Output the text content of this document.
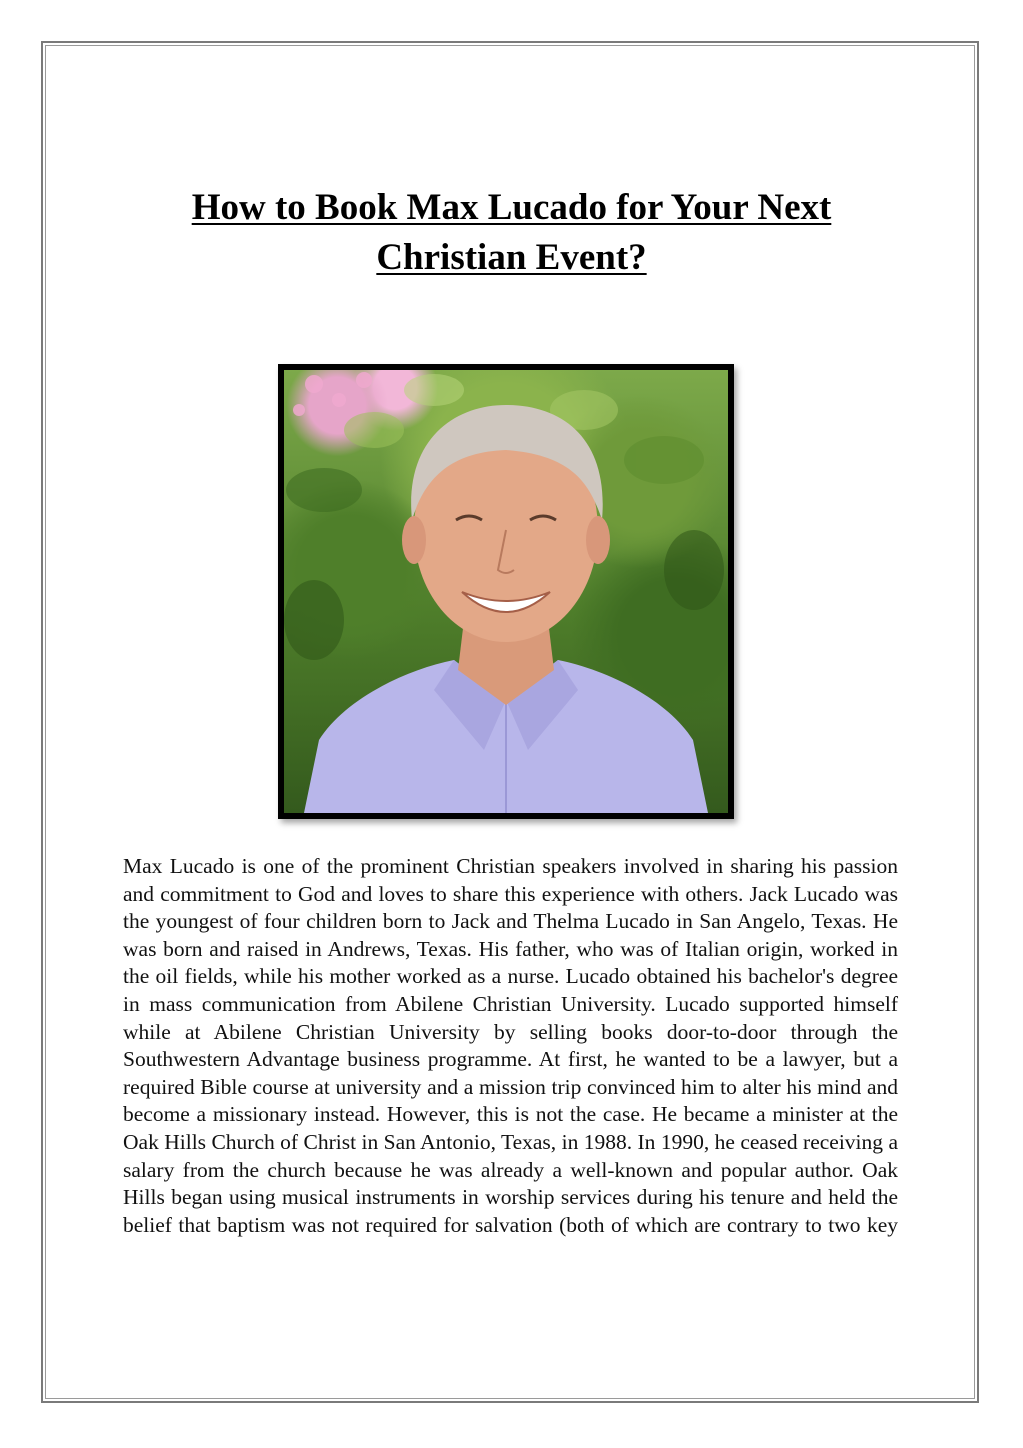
How to Book Max Lucado for Your Next
Christian Event?

Max Lucado is one of the prominent Christian speakers involved in sharing his passion and commitment to God and loves to share this experience with others. Jack Lucado was the youngest of four children born to Jack and Thelma Lucado in San Angelo, Texas. He was born and raised in Andrews, Texas. His father, who was of Italian origin, worked in the oil fields, while his mother worked as a nurse. Lucado obtained his bachelor's degree in mass communication from Abilene Christian University. Lucado supported himself while at Abilene Christian University by selling books door-to-door through the Southwestern Advantage business programme. At first, he wanted to be a lawyer, but a required Bible course at university and a mission trip convinced him to alter his mind and become a missionary instead. However, this is not the case. He became a minister at the Oak Hills Church of Christ in San Antonio, Texas, in 1988. In 1990, he ceased receiving a salary from the church because he was already a well-known and popular author. Oak Hills began using musical instruments in worship services during his tenure and held the belief that baptism was not required for salvation (both of which are contrary to two key
